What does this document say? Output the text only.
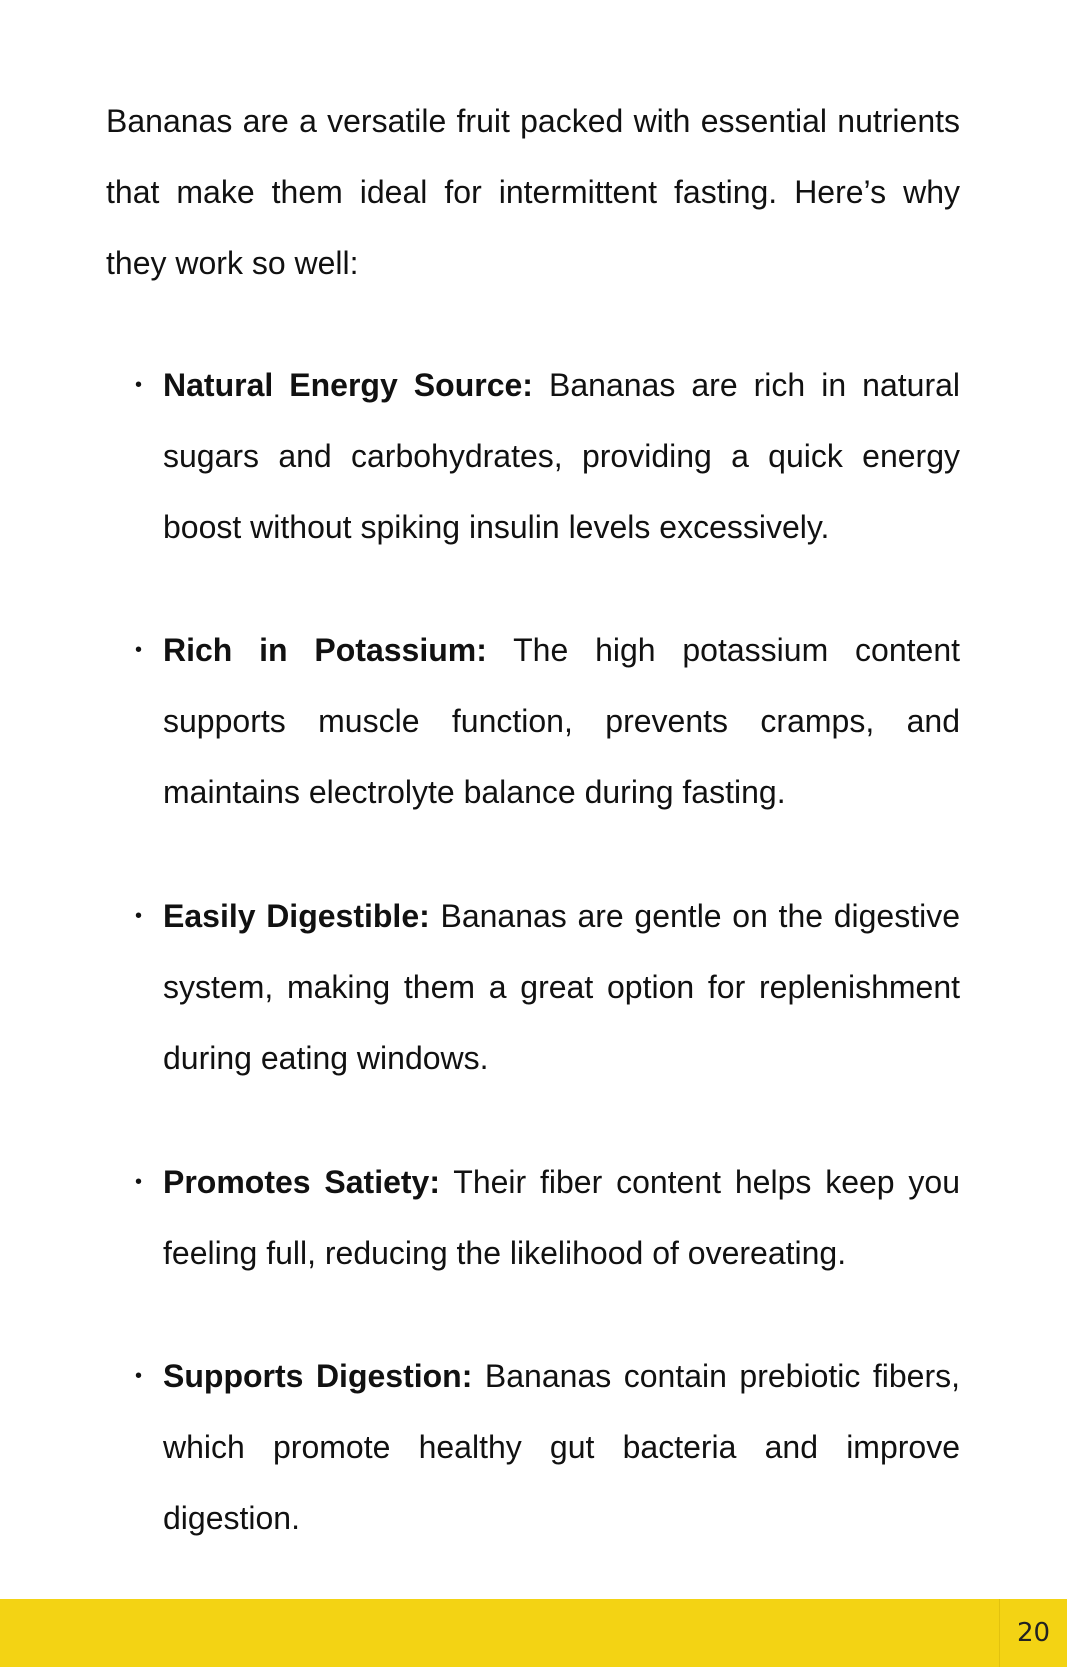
Bananas are a versatile fruit packed with essential nutrients that make them ideal for intermittent fasting. Here’s why they work so well:

• Natural Energy Source: Bananas are rich in natural sugars and carbohydrates, providing a quick energy boost without spiking insulin levels excessively.
• Rich in Potassium: The high potassium content supports muscle function, prevents cramps, and maintains electrolyte balance during fasting.
• Easily Digestible: Bananas are gentle on the digestive system, making them a great option for replenishment during eating windows.
• Promotes Satiety: Their fiber content helps keep you feeling full, reducing the likelihood of overeating.
• Supports Digestion: Bananas contain prebiotic fibers, which promote healthy gut bacteria and improve digestion.
20
